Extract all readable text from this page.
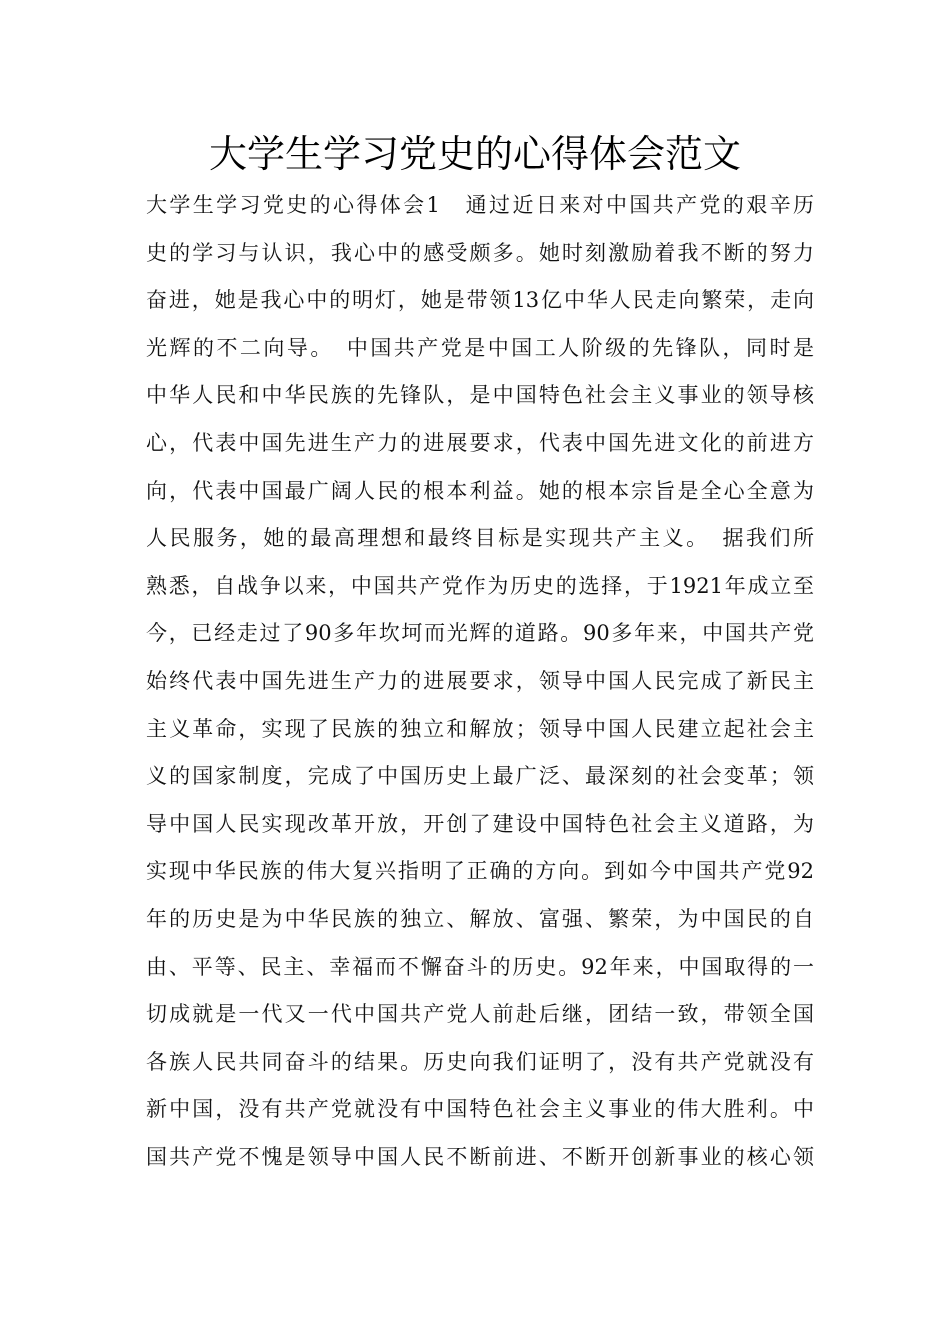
大学生学习党史的心得体会范文
大学生学习党史的心得体会1　通过近日来对中国共产党的艰辛历
史的学习与认识，我心中的感受颇多。她时刻激励着我不断的努力
奋进，她是我心中的明灯，她是带领13亿中华人民走向繁荣，走向
光辉的不二向导。　中国共产党是中国工人阶级的先锋队，同时是
中华人民和中华民族的先锋队，是中国特色社会主义事业的领导核
心，代表中国先进生产力的进展要求，代表中国先进文化的前进方
向，代表中国最广阔人民的根本利益。她的根本宗旨是全心全意为
人民服务，她的最高理想和最终目标是实现共产主义。　据我们所
熟悉，自战争以来，中国共产党作为历史的选择，于1921年成立至
今，已经走过了90多年坎坷而光辉的道路。90多年来，中国共产党
始终代表中国先进生产力的进展要求，领导中国人民完成了新民主
主义革命，实现了民族的独立和解放；领导中国人民建立起社会主
义的国家制度，完成了中国历史上最广泛、最深刻的社会变革；领
导中国人民实现改革开放，开创了建设中国特色社会主义道路，为
实现中华民族的伟大复兴指明了正确的方向。到如今中国共产党92
年的历史是为中华民族的独立、解放、富强、繁荣，为中国民的自
由、平等、民主、幸福而不懈奋斗的历史。92年来，中国取得的一
切成就是一代又一代中国共产党人前赴后继，团结一致，带领全国
各族人民共同奋斗的结果。历史向我们证明了，没有共产党就没有
新中国，没有共产党就没有中国特色社会主义事业的伟大胜利。中
国共产党不愧是领导中国人民不断前进、不断开创新事业的核心领
